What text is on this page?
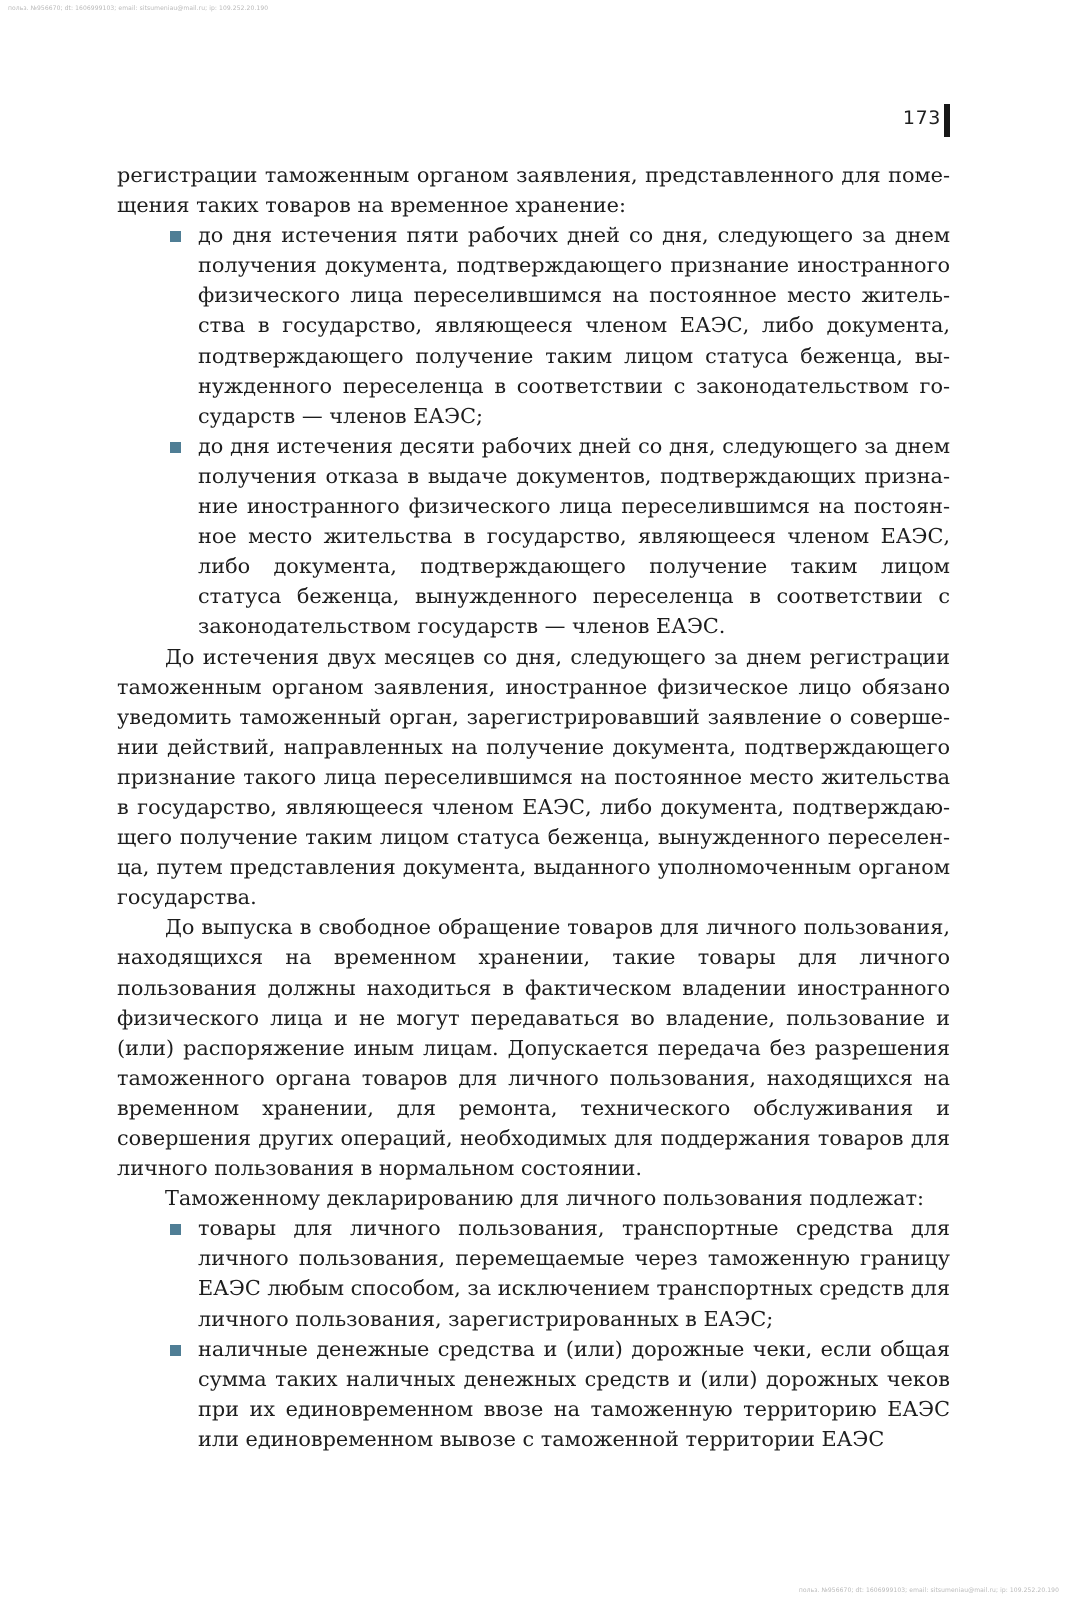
польз. №956670; dt: 1606999103; email: sitsumeniau@mail.ru; ip: 109.252.20.190
173

регистрации таможенным органом заявления, представленного для помещения таких товаров на временное хранение:

до дня истечения пяти рабочих дней со дня, следующего за днем получения документа, подтверждающего признание иностранного физического лица переселившимся на постоянное место жительства в государство, являющееся членом ЕАЭС, либо документа, подтверждающего получение таким лицом статуса беженца, вынужденного переселенца в соответствии с законодательством государств — членов ЕАЭС;
до дня истечения десяти рабочих дней со дня, следующего за днем получения отказа в выдаче документов, подтверждающих признание иностранного физического лица переселившимся на постоянное место жительства в государство, являющееся членом ЕАЭС, либо документа, подтверждающего получение таким лицом статуса беженца, вынужденного переселенца в соответствии с законодательством государств — членов ЕАЭС.

До истечения двух месяцев со дня, следующего за днем регистрации таможенным органом заявления, иностранное физическое лицо обязано уведомить таможенный орган, зарегистрировавший заявление о совершении действий, направленных на получение документа, подтверждающего признание такого лица переселившимся на постоянное место жительства в государство, являющееся членом ЕАЭС, либо документа, подтверждающего получение таким лицом статуса беженца, вынужденного переселенца, путем представления документа, выданного уполномоченным органом государства.

До выпуска в свободное обращение товаров для личного пользования, находящихся на временном хранении, такие товары для личного пользования должны находиться в фактическом владении иностранного физического лица и не могут передаваться во владение, пользование и (или) распоряжение иным лицам. Допускается передача без разрешения таможенного органа товаров для личного пользования, находящихся на временном хранении, для ремонта, технического обслуживания и совершения других операций, необходимых для поддержания товаров для личного пользования в нормальном состоянии.

Таможенному декларированию для личного пользования подлежат:

товары для личного пользования, транспортные средства для личного пользования, перемещаемые через таможенную границу ЕАЭС любым способом, за исключением транспортных средств для личного пользования, зарегистрированных в ЕАЭС;
наличные денежные средства и (или) дорожные чеки, если общая сумма таких наличных денежных средств и (или) дорожных чеков при их единовременном ввозе на таможенную территорию ЕАЭС или единовременном вывозе с таможенной территории ЕАЭС
польз. №956670; dt: 1606999103; email: sitsumeniau@mail.ru; ip: 109.252.20.190
